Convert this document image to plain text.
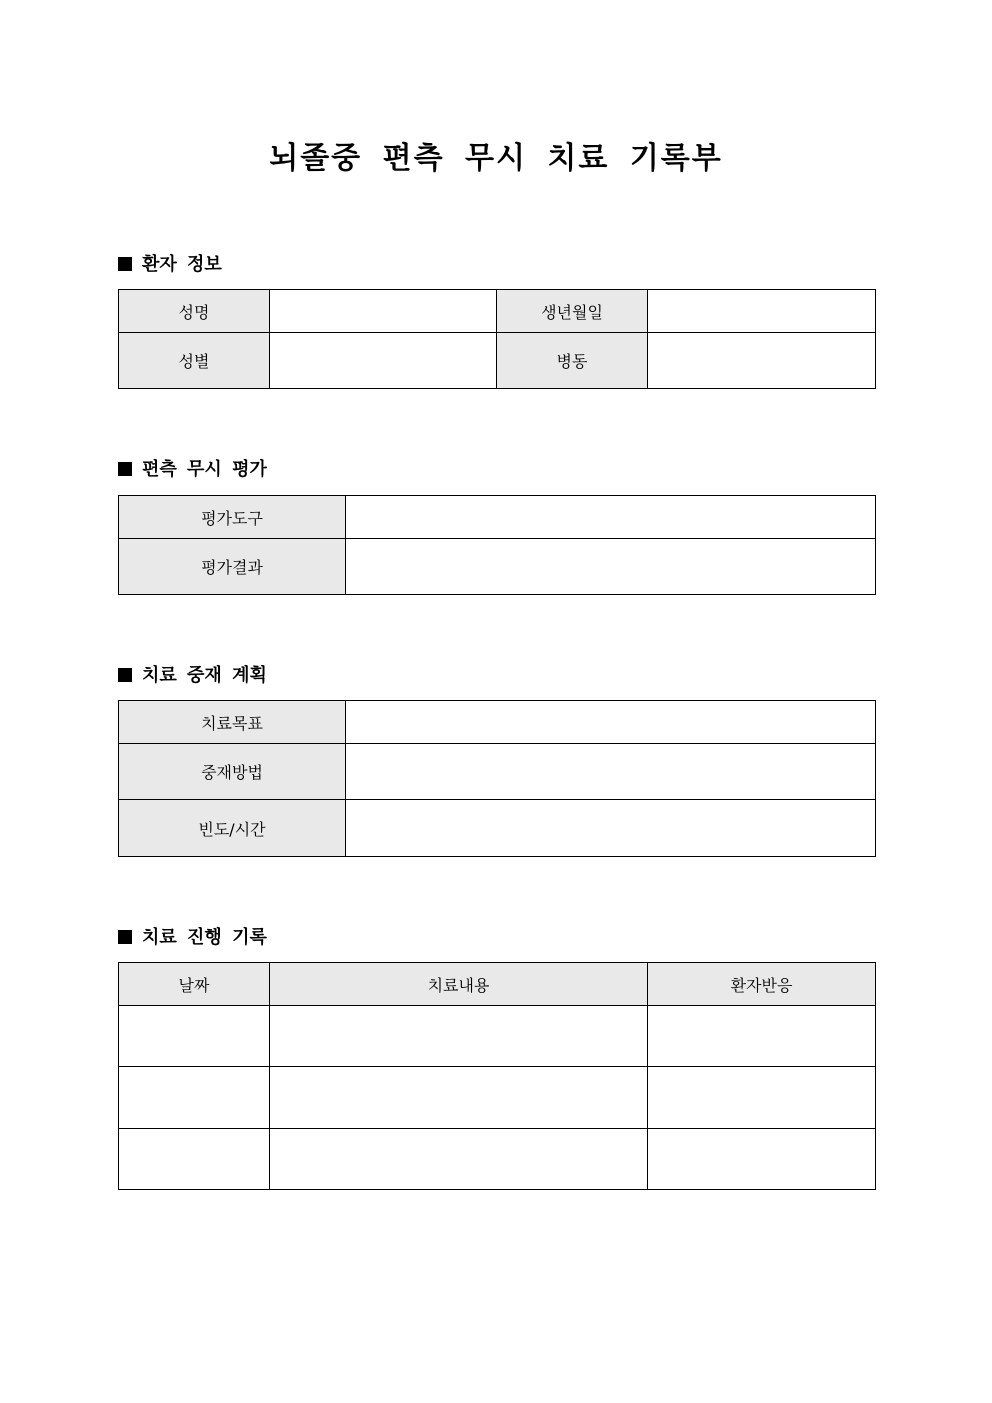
뇌졸중 편측 무시 치료 기록부
환자 정보
성명		생년월일	
성별		병동	
편측 무시 평가
평가도구	
평가결과	
치료 중재 계획
치료목표	
중재방법	
빈도/시간	
치료 진행 기록
날짜	치료내용	환자반응
